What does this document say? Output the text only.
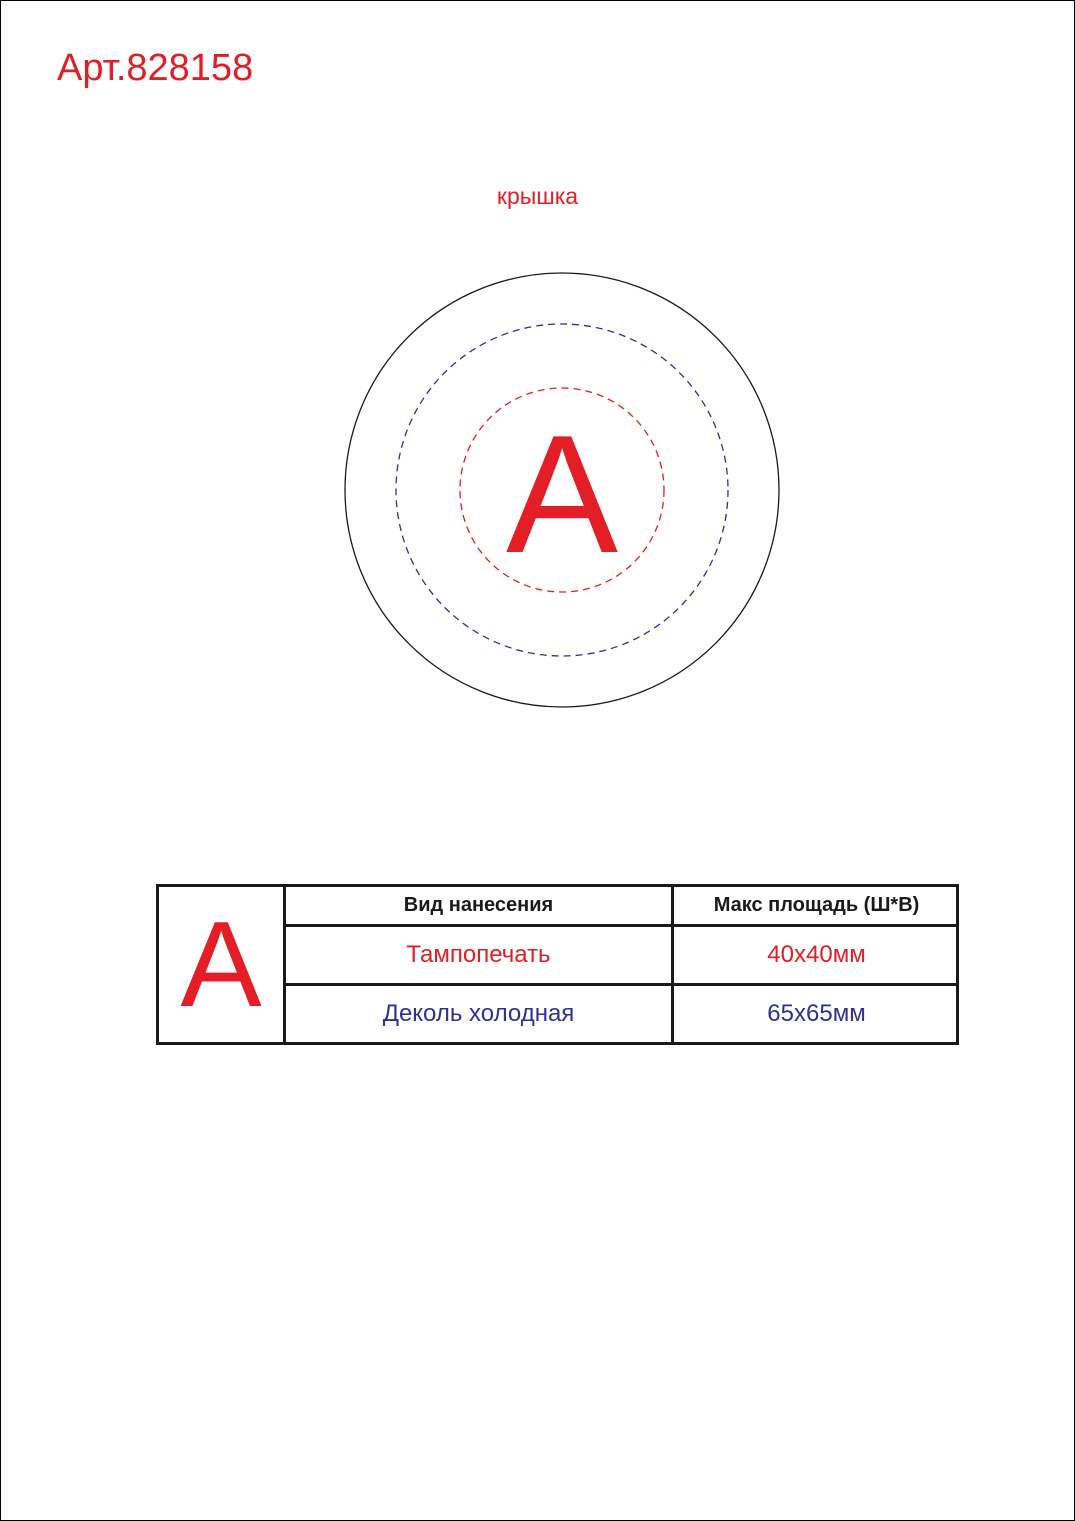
Арт.828158
крышка
A
A	Вид нанесения	Макс площадь (Ш*В)
Тампопечать	40x40мм
Деколь холодная	65x65мм
